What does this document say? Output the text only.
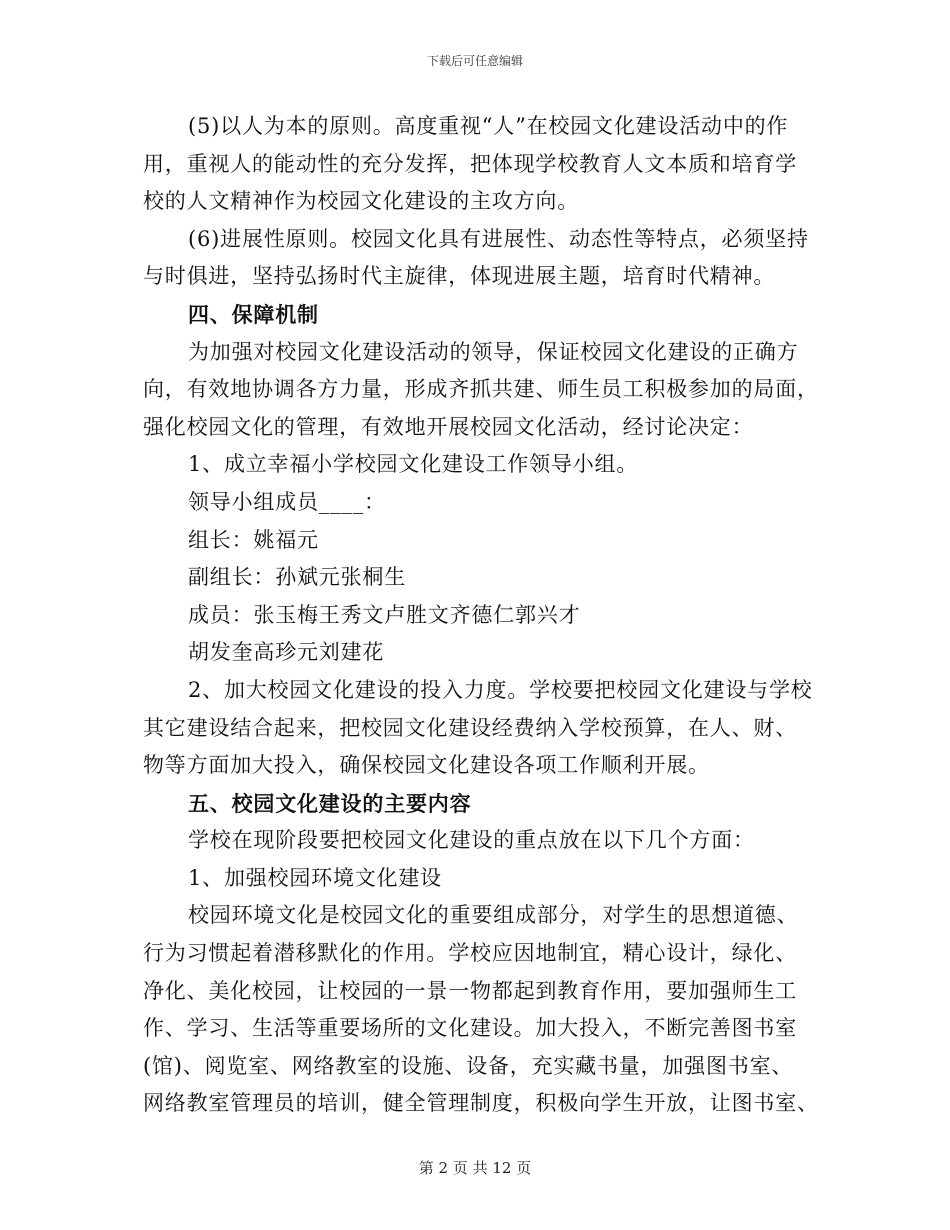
下载后可任意编辑
(5)以人为本的原则。高度重视“人”在校园文化建设活动中的作
用，重视人的能动性的充分发挥，把体现学校教育人文本质和培育学
校的人文精神作为校园文化建设的主攻方向。
(6)进展性原则。校园文化具有进展性、动态性等特点，必须坚持
与时俱进，坚持弘扬时代主旋律，体现进展主题，培育时代精神。
四、保障机制
为加强对校园文化建设活动的领导，保证校园文化建设的正确方
向，有效地协调各方力量，形成齐抓共建、师生员工积极参加的局面，
强化校园文化的管理，有效地开展校园文化活动，经讨论决定：
1、成立幸福小学校园文化建设工作领导小组。
领导小组成员____：
组长：姚福元
副组长：孙斌元张桐生
成员：张玉梅王秀文卢胜文齐德仁郭兴才
胡发奎高珍元刘建花
2、加大校园文化建设的投入力度。学校要把校园文化建设与学校
其它建设结合起来，把校园文化建设经费纳入学校预算，在人、财、
物等方面加大投入，确保校园文化建设各项工作顺利开展。
五、校园文化建设的主要内容
学校在现阶段要把校园文化建设的重点放在以下几个方面：
1、加强校园环境文化建设
校园环境文化是校园文化的重要组成部分，对学生的思想道德、
行为习惯起着潜移默化的作用。学校应因地制宜，精心设计，绿化、
净化、美化校园，让校园的一景一物都起到教育作用，要加强师生工
作、学习、生活等重要场所的文化建设。加大投入，不断完善图书室
(馆)、阅览室、网络教室的设施、设备，充实藏书量，加强图书室、
网络教室管理员的培训，健全管理制度，积极向学生开放，让图书室、
第 2 页 共 12 页
